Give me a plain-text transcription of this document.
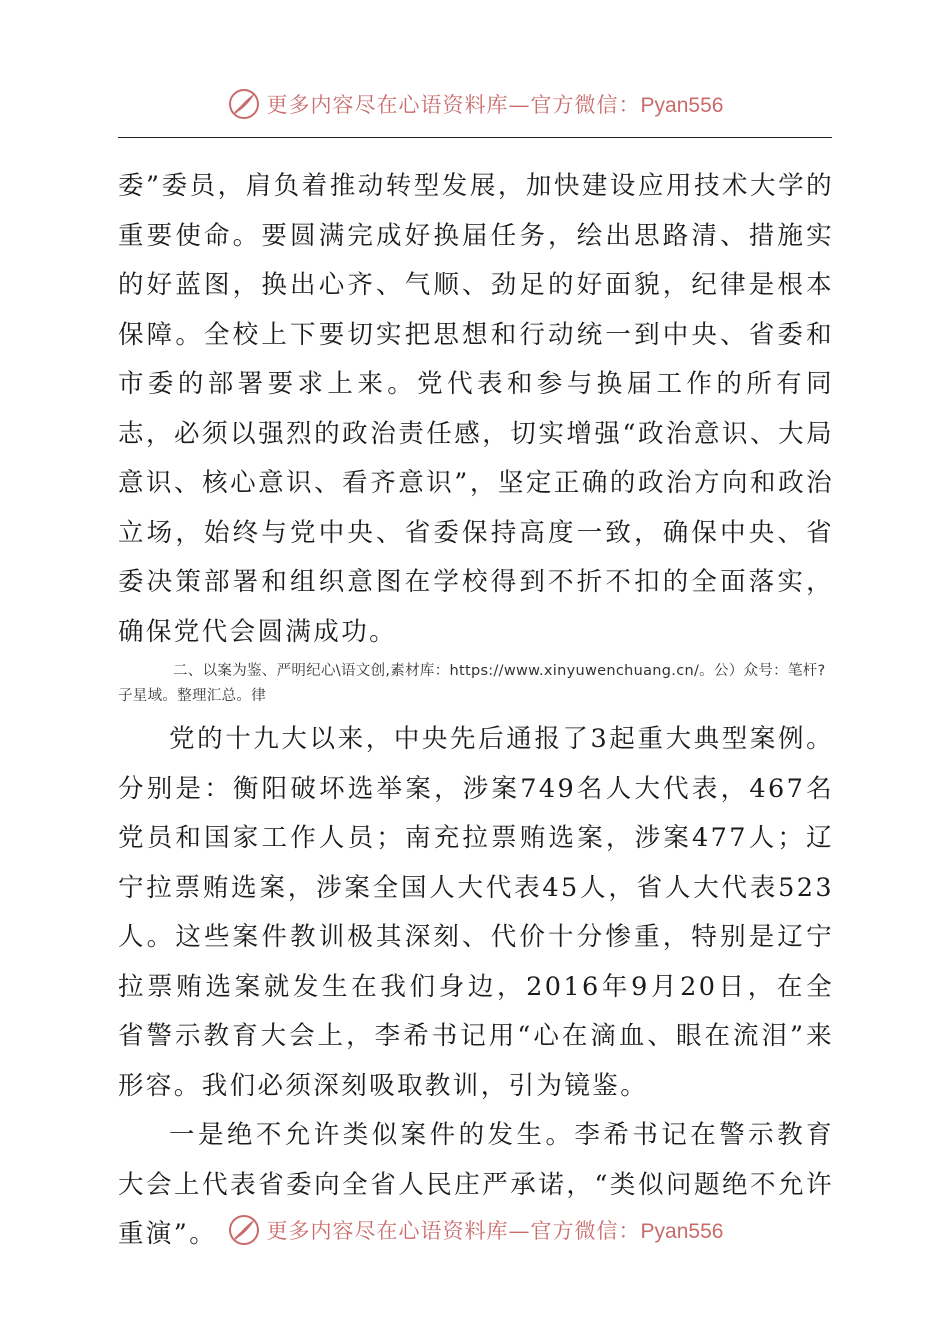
更多内容尽在心语资料库—官方微信：Pyan556

委”委员，肩负着推动转型发展，加快建设应用技术大学的重要使命。要圆满完成好换届任务，绘出思路清、措施实的好蓝图，换出心齐、气顺、劲足的好面貌，纪律是根本保障。全校上下要切实把思想和行动统一到中央、省委和市委的部署要求上来。党代表和参与换届工作的所有同志，必须以强烈的政治责任感，切实增强“政治意识、大局意识、核心意识、看齐意识”，坚定正确的政治方向和政治立场，始终与党中央、省委保持高度一致，确保中央、省委决策部署和组织意图在学校得到不折不扣的全面落实，确保党代会圆满成功。

二、以案为鉴、严明纪心\语文创,素材库：https://www.xinyuwenchuang.cn/。公）众号：笔杆?子星域。整理汇总。律

党的十九大以来，中央先后通报了3起重大典型案例。分别是：衡阳破坏选举案，涉案749名人大代表，467名党员和国家工作人员；南充拉票贿选案，涉案477人；辽宁拉票贿选案，涉案全国人大代表45人，省人大代表523人。这些案件教训极其深刻、代价十分惨重，特别是辽宁拉票贿选案就发生在我们身边，2016年9月20日，在全省警示教育大会上，李希书记用“心在滴血、眼在流泪”来形容。我们必须深刻吸取教训，引为镜鉴。

一是绝不允许类似案件的发生。李希书记在警示教育大会上代表省委向全省人民庄严承诺，“类似问题绝不允许重演”。	更多内容尽在心语资料库—官方微信：Pyan556
